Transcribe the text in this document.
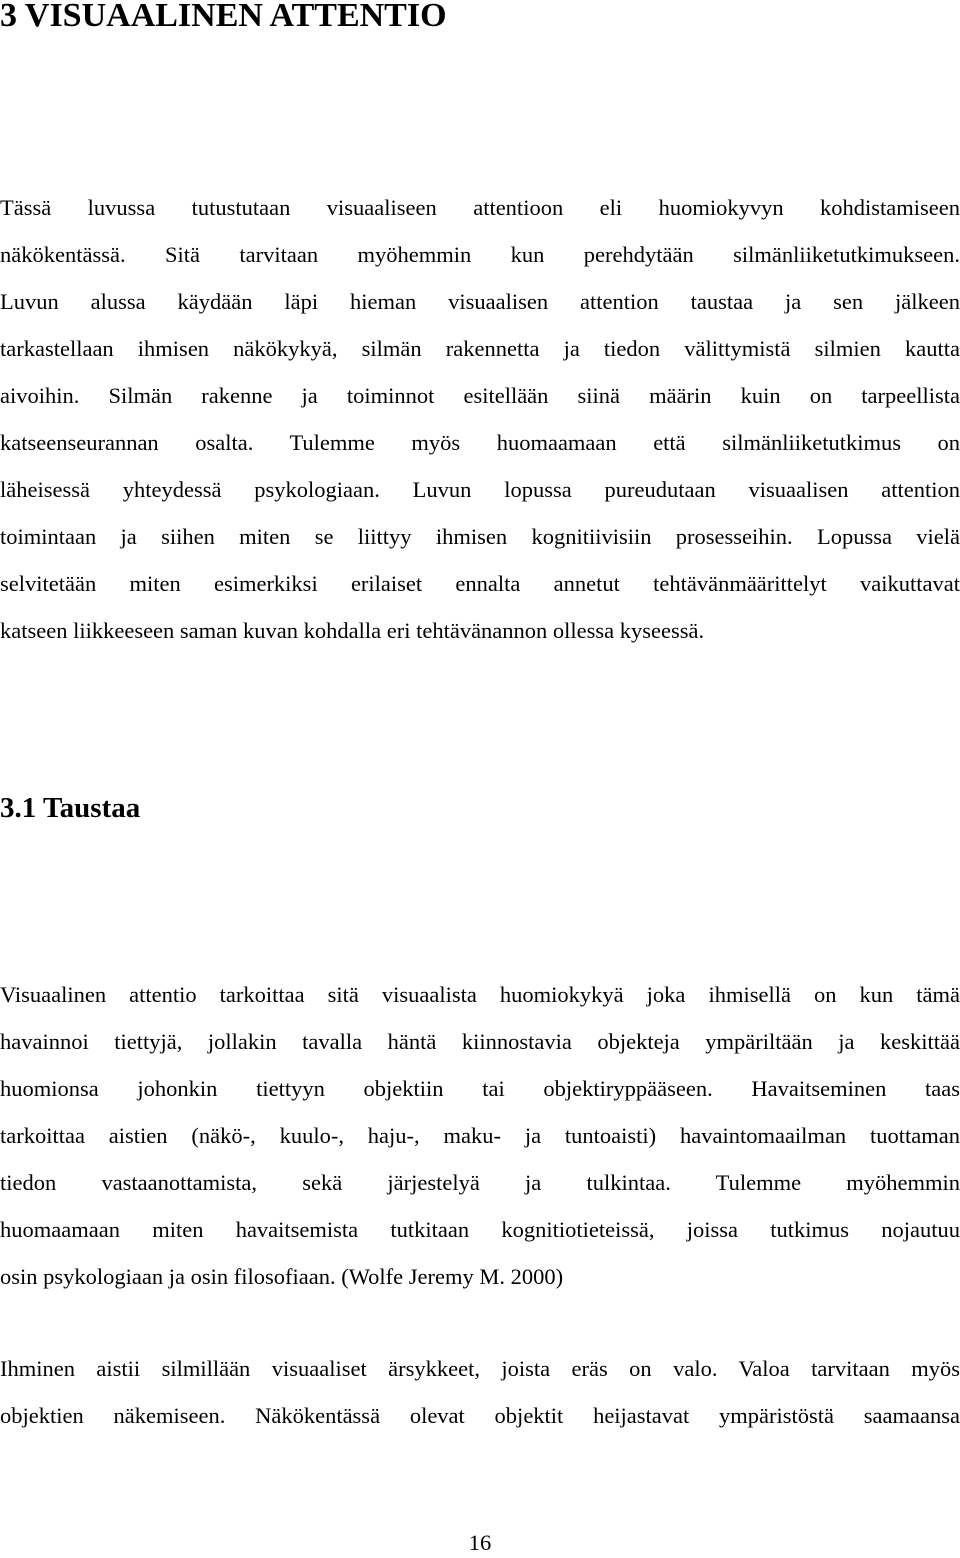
3 VISUAALINEN ATTENTIO
Tässä luvussa tutustutaan visuaaliseen attentioon eli huomiokyvyn kohdistamiseen
näkökentässä. Sitä tarvitaan myöhemmin kun perehdytään silmänliiketutkimukseen.
Luvun alussa käydään läpi hieman visuaalisen attention taustaa ja sen jälkeen
tarkastellaan ihmisen näkökykyä, silmän rakennetta ja tiedon välittymistä silmien kautta
aivoihin. Silmän rakenne ja toiminnot esitellään siinä määrin kuin on tarpeellista
katseenseurannan osalta. Tulemme myös huomaamaan että silmänliiketutkimus on
läheisessä yhteydessä psykologiaan. Luvun lopussa pureudutaan visuaalisen attention
toimintaan ja siihen miten se liittyy ihmisen kognitiivisiin prosesseihin. Lopussa vielä
selvitetään miten esimerkiksi erilaiset ennalta annetut tehtävänmäärittelyt vaikuttavat
katseen liikkeeseen saman kuvan kohdalla eri tehtävänannon ollessa kyseessä.
3.1 Taustaa
Visuaalinen attentio tarkoittaa sitä visuaalista huomiokykyä joka ihmisellä on kun tämä
havainnoi tiettyjä, jollakin tavalla häntä kiinnostavia objekteja ympäriltään ja keskittää
huomionsa johonkin tiettyyn objektiin tai objektiryppääseen. Havaitseminen taas
tarkoittaa aistien (näkö-, kuulo-, haju-, maku- ja tuntoaisti) havaintomaailman tuottaman
tiedon vastaanottamista, sekä järjestelyä ja tulkintaa. Tulemme myöhemmin
huomaamaan miten havaitsemista tutkitaan kognitiotieteissä, joissa tutkimus nojautuu
osin psykologiaan ja osin filosofiaan. (Wolfe Jeremy M. 2000)
Ihminen aistii silmillään visuaaliset ärsykkeet, joista eräs on valo. Valoa tarvitaan myös
objektien näkemiseen. Näkökentässä olevat objektit heijastavat ympäristöstä saamaansa
16
